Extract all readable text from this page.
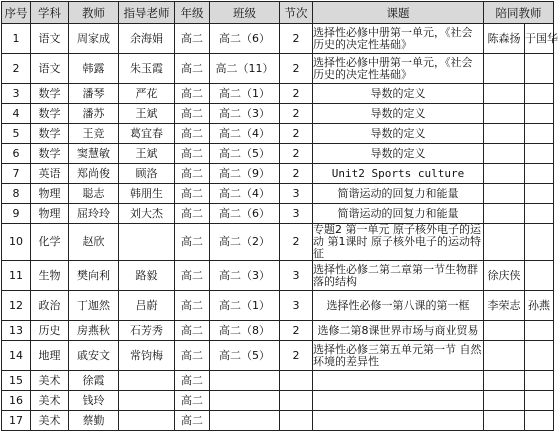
序号	学科	教师	指导老师	年级	班级	节次	课题	陪同教师	
1	语文	周家成	余海娟	高二	高二（6）	2	选择性必修中册第一单元，《社会历史的决定性基础》	陈森扬	于国华
2	语文	韩露	朱玉霞	高二	高二（11）	2	选择性必修中册第一单元，《社会历史的决定性基础》		
3	数学	潘琴	严花	高二	高二（1）	2	导数的定义		
4	数学	潘苏	王斌	高二	高二（3）	2	导数的定义		
5	数学	王竞	葛宜春	高二	高二（4）	2	导数的定义		
6	数学	窦慧敏	王斌	高二	高二（5）	2	导数的定义		
7	英语	郑尚俊	顾洛	高二	高二（9）	2	Unit2 Sports culture		
8	物理	聪志	韩朋生	高二	高二（4）	3	简谐运动的回复力和能量		
9	物理	屈玲玲	刘大杰	高二	高二（6）	3	简谐运动的回复力和能量		
10	化学	赵欣		高二	高二（2）	2	专题2 第一单元 原子核外电子的运动 第1课时 原子核外电子的运动特征		
11	生物	樊向利	路毅	高二	高二（3）	3	选择性必修二第二章第一节生物群落的结构	徐庆侠	
12	政治	丁迦然	吕蔚	高二	高二（1）	3	选择性必修一第八课的第一框	李荣志	孙燕
13	历史	房燕秋	石芳秀	高二	高二（8）	2	选修二第8课世界市场与商业贸易		
14	地理	戚安文	常钧梅	高二	高二（5）	2	选择性必修三第五单元第一节 自然环境的差异性		
15	美术	徐霞		高二					
16	美术	钱玲		高二					
17	美术	蔡勤		高二					
